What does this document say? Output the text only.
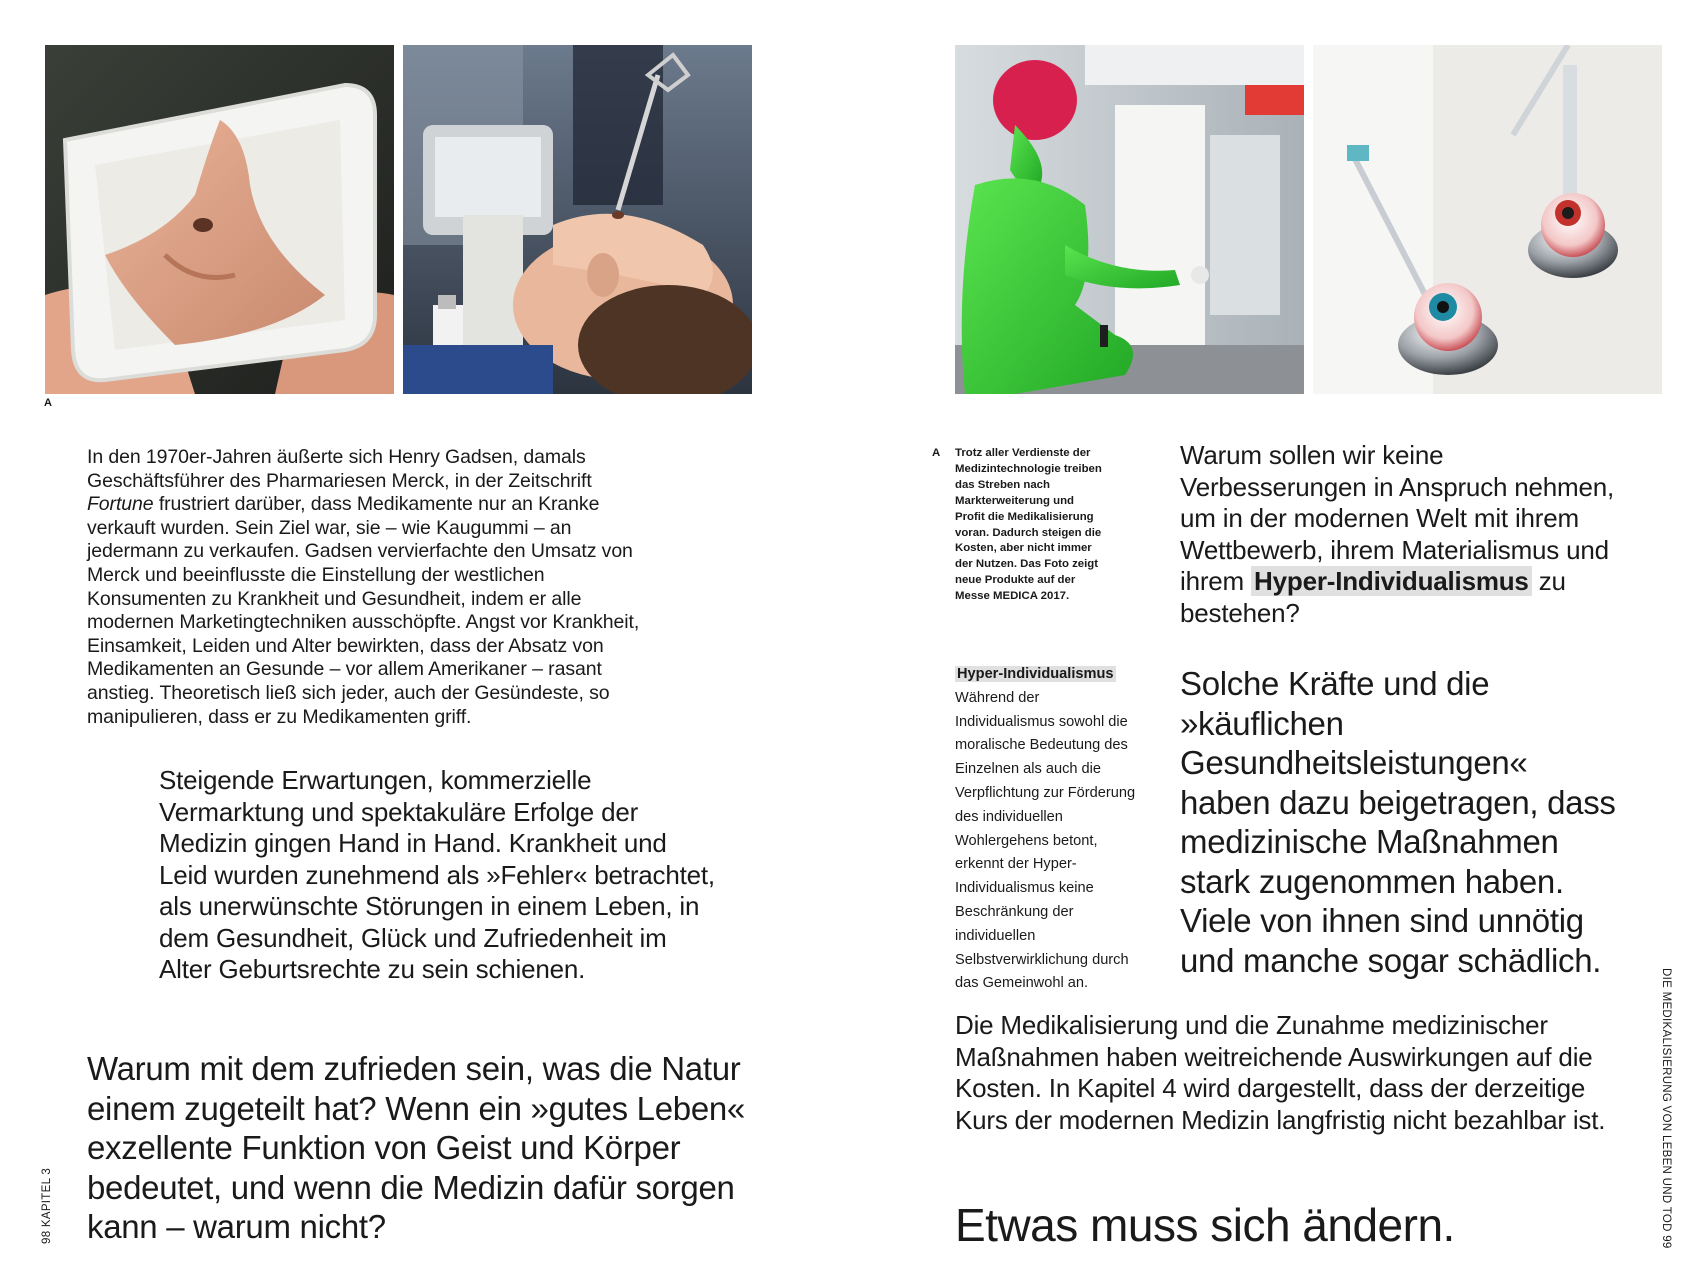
A
In den 1970er-Jahren äußerte sich Henry Gadsen, damals Geschäftsführer des Pharmariesen Merck, in der Zeitschrift Fortune frustriert darüber, dass Medikamente nur an Kranke verkauft wurden. Sein Ziel war, sie – wie Kaugummi – an jedermann zu verkaufen. Gadsen vervierfachte den Umsatz von Merck und beeinflusste die Einstellung der westlichen Konsumenten zu Krankheit und Gesundheit, indem er alle modernen Marketingtechniken ausschöpfte. Angst vor Krankheit, Einsamkeit, Leiden und Alter bewirkten, dass der Absatz von Medikamenten an Gesunde – vor allem Amerikaner – rasant anstieg. Theoretisch ließ sich jeder, auch der Gesündeste, so manipulieren, dass er zu Medikamenten griff.
Steigende Erwartungen, kommerzielle Vermarktung und spektakuläre Erfolge der Medizin gingen Hand in Hand. Krankheit und Leid wurden zunehmend als »Fehler« betrachtet, als unerwünschte Störungen in einem Leben, in dem Gesundheit, Glück und Zufriedenheit im Alter Geburtsrechte zu sein schienen.
Warum mit dem zufrieden sein, was die Natur einem zugeteilt hat? Wenn ein »gutes Leben« exzellente Funktion von Geist und Körper bedeutet, und wenn die Medizin dafür sorgen kann – warum nicht?
98 KAPITEL 3
A Trotz aller Verdienste der Medizintechnologie treiben das Streben nach Markterweiterung und Profit die Medikalisierung voran. Dadurch steigen die Kosten, aber nicht immer der Nutzen. Das Foto zeigt neue Produkte auf der Messe MEDICA 2017.
Warum sollen wir keine Verbesserungen in Anspruch nehmen, um in der modernen Welt mit ihrem Wettbewerb, ihrem Materialismus und ihrem Hyper-Individualismus zu bestehen?
Hyper-Individualismus
Während der Individualismus sowohl die moralische Bedeutung des Einzelnen als auch die Verpflichtung zur Förderung des individuellen Wohlergehens betont, erkennt der Hyper-Individualismus keine Beschränkung der individuellen Selbstverwirklichung durch das Gemeinwohl an.
Solche Kräfte und die »käuflichen Gesundheitsleistungen« haben dazu beigetragen, dass medizinische Maßnahmen stark zugenommen haben. Viele von ihnen sind unnötig und manche sogar schädlich.
Die Medikalisierung und die Zunahme medizinischer Maßnahmen haben weitreichende Auswirkungen auf die Kosten. In Kapitel 4 wird dargestellt, dass der derzeitige Kurs der modernen Medizin langfristig nicht bezahlbar ist.
Etwas muss sich ändern.	DIE MEDIKALISIERUNG VON LEBEN UND TOD 99
